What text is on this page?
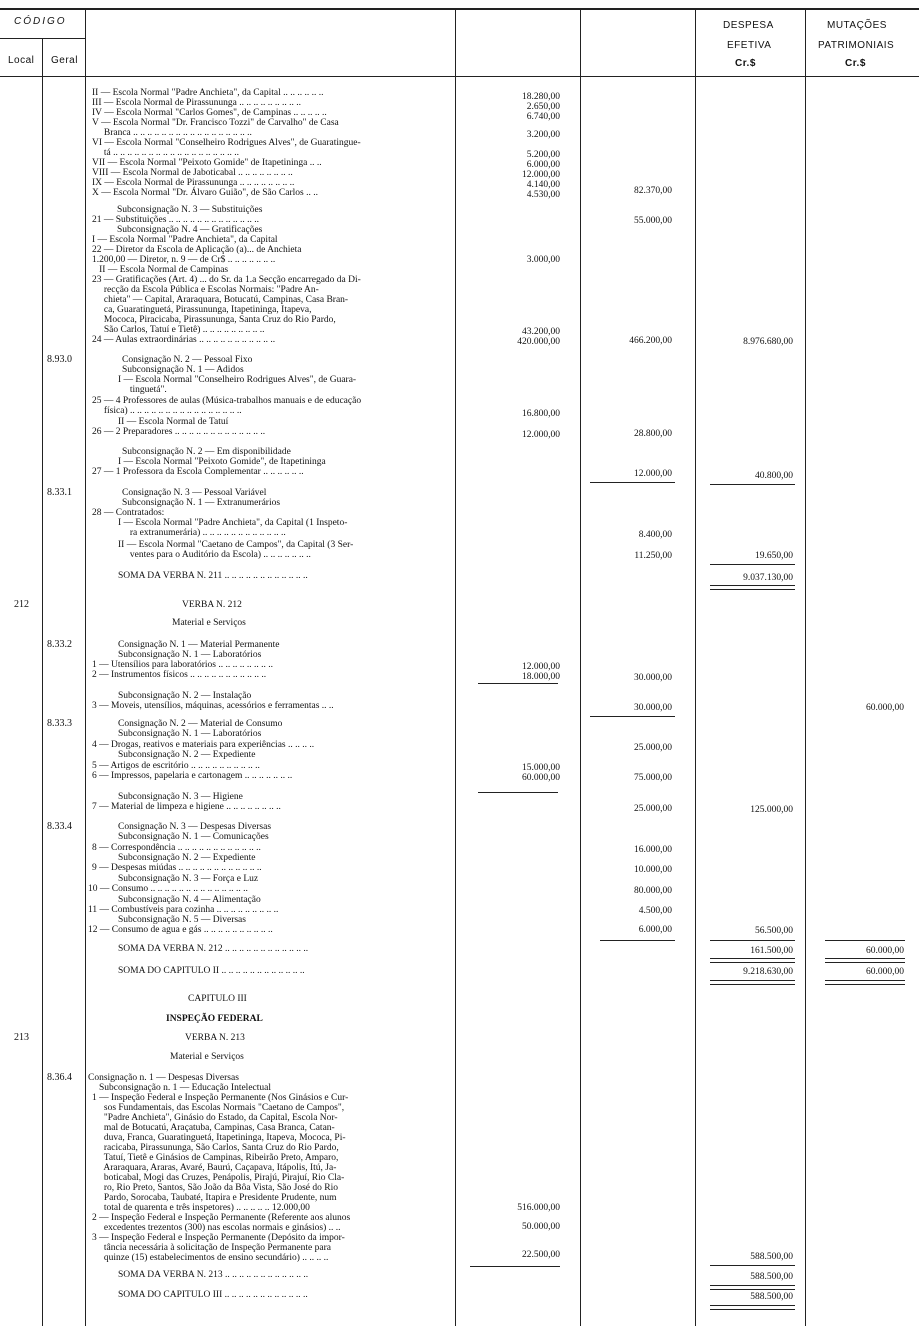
CÓDIGO
Local Geral
DESPESA
EFETIVA
Cr.$
MUTAÇÕES
PATRIMONIAIS
Cr.$
8.93.0
8.33.1
212
8.33.2
8.33.3
8.33.4
213
8.36.4
II — Escola Normal "Padre Anchieta", da Capital .. .. .. .. .. ..
III — Escola Normal de Pirassununga .. .. .. .. .. .. .. .. ..
IV — Escola Normal "Carlos Gomes", de Campinas .. .. .. .. ..
V — Escola Normal "Dr. Francisco Tozzi" de Carvalho" de Casa
Branca .. .. .. .. .. .. .. .. .. .. .. .. .. .. .. .. ..
VI — Escola Normal "Conselheiro Rodrigues Alves", de Guaratingue-
tá .. .. .. .. .. .. .. .. .. .. .. .. .. .. .. .. .. ..
VII — Escola Normal "Peixoto Gomide" de Itapetininga .. ..
VIII — Escola Normal de Jaboticabal .. .. .. .. .. .. .. ..
IX — Escola Normal de Pirassununga .. .. .. .. .. .. .. ..
X — Escola Normal "Dr. Álvaro Guião", de São Carlos .. ..
Subconsignação N. 3 — Substituições
21 — Substituições .. .. .. .. .. .. .. .. .. .. .. .. ..
Subconsignação N. 4 — Gratificações
I — Escola Normal "Padre Anchieta", da Capital
22 — Diretor da Escola de Aplicação (a)... de Anchieta
1.200,00 — Diretor, n. 9 — de Cr$ .. .. .. .. .. .. ..
II — Escola Normal de Campinas
23 — Gratificações (Art. 4) ... do Sr. da 1.a Secção encarregado da Di-
recção da Escola Pública e Escolas Normais: "Padre An-
chieta" — Capital, Araraquara, Botucatú, Campinas, Casa Bran-
ca, Guaratinguetá, Pirassununga, Itapetininga, Itapeva,
Mococa, Piracicaba, Pirassununga, Santa Cruz do Rio Pardo,
São Carlos, Tatuí e Tietê) .. .. .. .. .. .. .. .. ..
24 — Aulas extraordinárias .. .. .. .. .. .. .. .. .. .. ..
Consignação N. 2 — Pessoal Fixo
Subconsignação N. 1 — Adidos
I — Escola Normal "Conselheiro Rodrigues Alves", de Guara-
tinguetá".
25 — 4 Professores de aulas (Música-trabalhos manuais e de educação
física) .. .. .. .. .. .. .. .. .. .. .. .. .. .. .. ..
II — Escola Normal de Tatuí
26 — 2 Preparadores .. .. .. .. .. .. .. .. .. .. .. .. ..
Subconsignação N. 2 — Em disponibilidade
I — Escola Normal "Peixoto Gomide", de Itapetininga
27 — 1 Professora da Escola Complementar .. .. .. .. .. ..
Consignação N. 3 — Pessoal Variável
Subconsignação N. 1 — Extranumerários
28 — Contratados:
I — Escola Normal "Padre Anchieta", da Capital (1 Inspeto-
ra extranumerária) .. .. .. .. .. .. .. .. .. .. .. ..
II — Escola Normal "Caetano de Campos", da Capital (3 Ser-
ventes para o Auditório da Escola) .. .. .. .. .. .. ..
SOMA DA VERBA N. 211 .. .. .. .. .. .. .. .. .. .. .. ..
VERBA N. 212
Material e Serviços
Consignação N. 1 — Material Permanente
Subconsignação N. 1 — Laboratórios
1 — Utensílios para laboratórios .. .. .. .. .. .. .. ..
2 — Instrumentos físicos .. .. .. .. .. .. .. .. .. .. ..
Subconsignação N. 2 — Instalação
3 — Moveis, utensílios, máquinas, acessórios e ferramentas .. ..
Consignação N. 2 — Material de Consumo
Subconsignação N. 1 — Laboratórios
4 — Drogas, reativos e materiais para experiências .. .. .. ..
Subconsignação N. 2 — Expediente
5 — Artigos de escritório .. .. .. .. .. .. .. .. .. ..
6 — Impressos, papelaria e cartonagem .. .. .. .. .. .. ..
Subconsignação N. 3 — Higiene
7 — Material de limpeza e higiene .. .. .. .. .. .. .. ..
Consignação N. 3 — Despesas Diversas
Subconsignação N. 1 — Comunicações
8 — Correspondência .. .. .. .. .. .. .. .. .. .. .. ..
Subconsignação N. 2 — Expediente
9 — Despesas miúdas .. .. .. .. .. .. .. .. .. .. .. ..
Subconsignação N. 3 — Força e Luz
10 — Consumo .. .. .. .. .. .. .. .. .. .. .. .. .. ..
Subconsignação N. 4 — Alimentação
11 — Combustíveis para cozinha .. .. .. .. .. .. .. .. ..
Subconsignação N. 5 — Diversas
12 — Consumo de agua e gás .. .. .. .. .. .. .. .. .. ..
SOMA DA VERBA N. 212 .. .. .. .. .. .. .. .. .. .. .. ..
SOMA DO CAPITULO II .. .. .. .. .. .. .. .. .. .. .. ..
CAPITULO III
INSPEÇÃO FEDERAL
VERBA N. 213
Material e Serviços
Consignação n. 1 — Despesas Diversas
Subconsignação n. 1 — Educação Intelectual
1 — Inspeção Federal e Inspeção Permanente (Nos Ginásios e Cur-
sos Fundamentais, das Escolas Normais "Caetano de Campos",
"Padre Anchieta", Ginásio do Estado, da Capital, Escola Nor-
mal de Botucatú, Araçatuba, Campinas, Casa Branca, Catan-
duva, Franca, Guaratinguetá, Itapetininga, Itapeva, Mococa, Pi-
racicaba, Pirassununga, São Carlos, Santa Cruz do Rio Pardo,
Tatuí, Tietê e Ginásios de Campinas, Ribeirão Preto, Amparo,
Araraquara, Araras, Avaré, Baurú, Caçapava, Itápolis, Itú, Ja-
boticabal, Mogi das Cruzes, Penápolis, Pirajú, Pirajuí, Rio Cla-
ro, Rio Preto, Santos, São João da Bôa Vista, São José do Rio
Pardo, Sorocaba, Taubaté, Itapira e Presidente Prudente, num
total de quarenta e três inspetores) .. .. .. .. .. 12.000,00
2 — Inspeção Federal e Inspeção Permanente (Referente aos alunos
excedentes trezentos (300) nas escolas normais e ginásios) .. ..
3 — Inspeção Federal e Inspeção Permanente (Depósito da impor-
tância necessária à solicitação de Inspeção Permanente para
quinze (15) estabelecimentos de ensino secundário) .. .. .. ..
SOMA DA VERBA N. 213 .. .. .. .. .. .. .. .. .. .. .. ..
SOMA DO CAPITULO III .. .. .. .. .. .. .. .. .. .. .. ..
18.280,00
2.650,00
6.740,00
3.200,00
5.200,00
6.000,00
12.000,00
4.140,00
4.530,00
3.000,00
43.200,00
420.000,00
16.800,00
12.000,00
12.000,00
18.000,00
15.000,00
60.000,00
516.000,00
50.000,00
22.500,00
82.370,00
55.000,00
466.200,00
28.800,00
12.000,00
8.400,00
11.250,00
30.000,00
30.000,00
25.000,00
75.000,00
25.000,00
16.000,00
10.000,00
80.000,00
4.500,00
6.000,00
8.976.680,00
40.800,00
19.650,00
9.037.130,00
125.000,00
56.500,00
161.500,00
9.218.630,00
588.500,00
588.500,00
588.500,00
60.000,00
60.000,00
60.000,00
